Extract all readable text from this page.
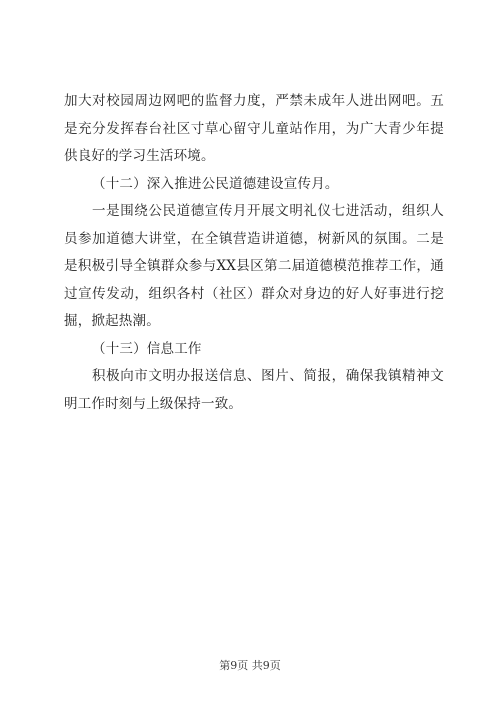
加大对校园周边网吧的监督力度，严禁未成年人进出网吧。五是充分发挥春台社区寸草心留守儿童站作用，为广大青少年提供良好的学习生活环境。

（十二）深入推进公民道德建设宣传月。

一是围绕公民道德宣传月开展文明礼仪七进活动，组织人员参加道德大讲堂，在全镇营造讲道德，树新风的氛围。二是是积极引导全镇群众参与XX县区第二届道德模范推荐工作，通过宣传发动，组织各村（社区）群众对身边的好人好事进行挖掘，掀起热潮。

（十三）信息工作

积极向市文明办报送信息、图片、简报，确保我镇精神文明工作时刻与上级保持一致。

第9页 共9页
